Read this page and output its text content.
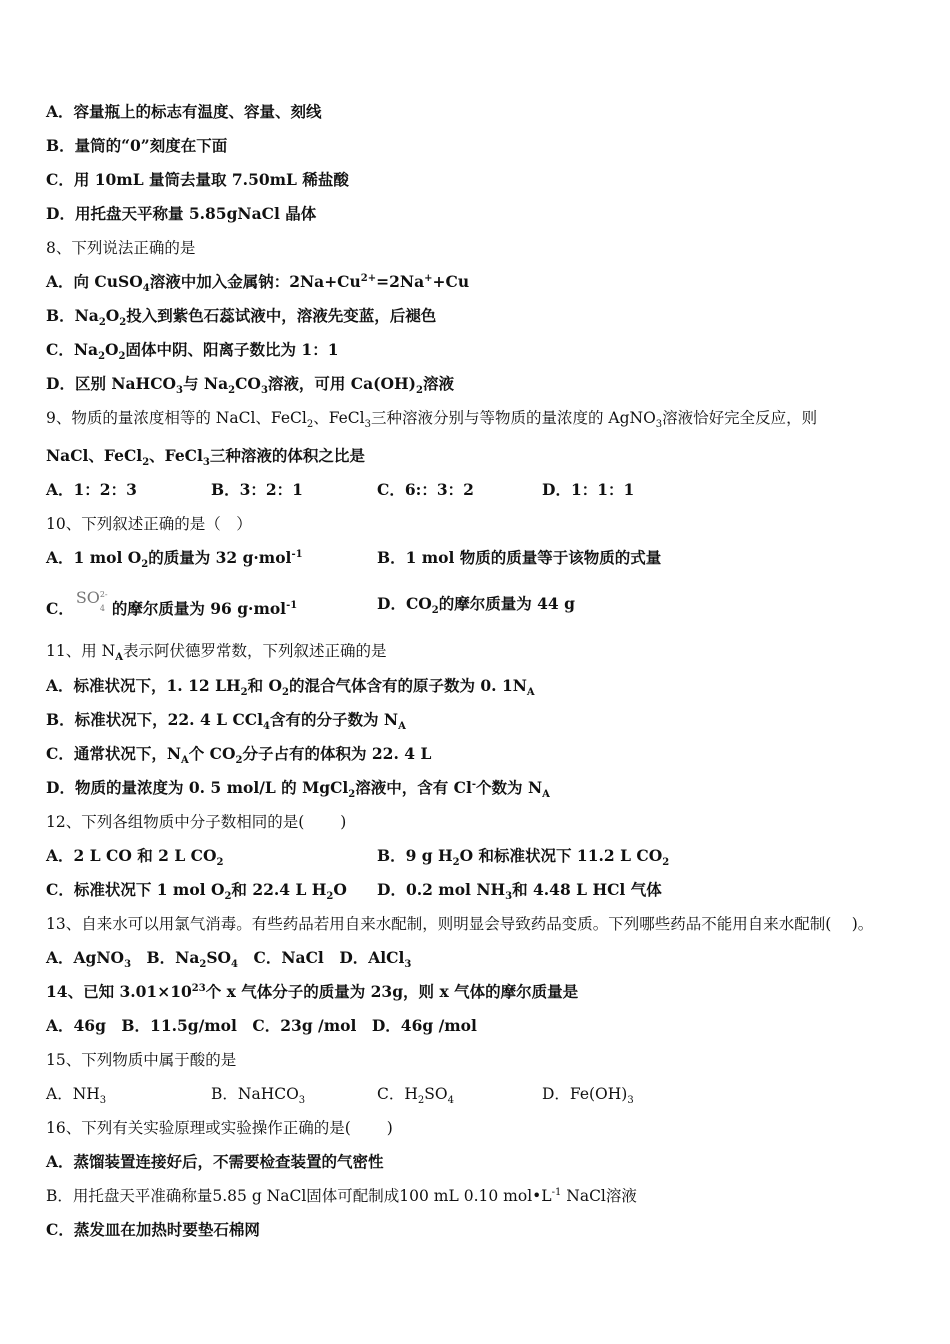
A．容量瓶上的标志有温度、容量、刻线
B．量筒的“0”刻度在下面
C．用 10mL 量筒去量取 7.50mL 稀盐酸
D．用托盘天平称量 5.85gNaCl 晶体
8、下列说法正确的是
A．向 CuSO$_4$溶液中加入金属钠：$2Na+Cu^{2+}=2Na^++Cu$
B．$Na_2O_2$投入到紫色石蕊试液中，溶液先变蓝，后褪色
C．$Na_2O_2$固体中阴、阳离子数比为 1：1
D．区别 NaHCO$_3$与 $Na_2CO_3$溶液，可用 $Ca(OH)_2$溶液
9、物质的量浓度相等的 NaCl、FeCl$_2$、FeCl$_3$三种溶液分别与等物质的量浓度的 AgNO$_3$溶液恰好完全反应，则
NaCl、FeCl$_2$、FeCl$_3$三种溶液的体积之比是
A．1：2：3	B．3：2：1	C．6:：3：2	D．1：1：1
10、下列叙述正确的是（　）
A．1 mol $O_2$的质量为 32 g·mol$^{-1}$	B．1 mol 物质的质量等于该物质的式量
C．
SO 2-
4 的摩尔质量为 96 g·mol$^{-1}$	D．$CO_2$的摩尔质量为 44 g
11、用 $N_A$表示阿伏德罗常数，下列叙述正确的是
A．标准状况下，1. 12 $LH_2$和 $O_2$的混合气体含有的原子数为 0. $1N_A$
B．标准状况下，22. 4 L CCl$_4$含有的分子数为 $N_A$
C．通常状况下，$N_A$个 $CO_2$分子占有的体积为 22. 4 L
D．物质的量浓度为 0. 5 mol/L 的 MgCl$_2$溶液中，含有 Cl-个数为 $N_A$
12、下列各组物质中分子数相同的是(　　 )
A．2 L CO 和 2 L $CO_2$	B．9 g $H_2O$ 和标准状况下 11.2 L $CO_2$
C．标准状况下 1 mol $O_2$和 22.4 L $H_2O$ D．0.2 mol $NH_3$和 4.48 L HCl 气体
13、自来水可以用氯气消毒。有些药品若用自来水配制，则明显会导致药品变质。下列哪些药品不能用自来水配制(　 )。
A．AgNO$_3$　 B．$Na_2SO_4$　 C．NaCl　 D．AlCl$_3$
14、已知 $3.01\times 10^{23}$个 x 气体分子的质量为 23g，则 x 气体的摩尔质量是
A．46g　B．11.5g/mol　C．23g /mol　D．46g /mol
15、下列物质中属于酸的是
A．$NH_3$	B．NaHCO$_3$	C．$H_2SO_4$	D．$Fe(OH)_3$
16、下列有关实验原理或实验操作正确的是(　　 )
A．蒸馏装置连接好后，不需要检查装置的气密性
B．用托盘天平准确称量5.85 g NaCl固体可配制成100 mL 0.10 $mol•L^{-1}$ NaCl溶液
C．蒸发皿在加热时要垫石棉网
